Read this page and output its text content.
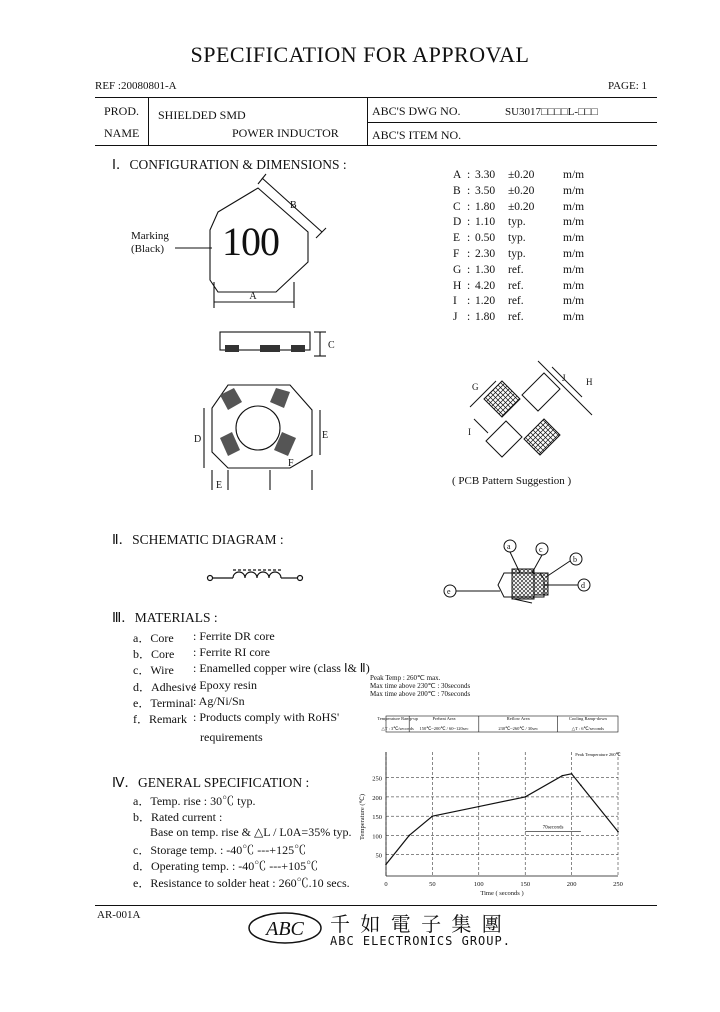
SPECIFICATION FOR APPROVAL
REF :20080801-A	PAGE: 1
PROD.
NAME
SHIELDED SMD
POWER INDUCTOR
ABC'S DWG NO.	SU3017□□□□L-□□□
ABC'S ITEM NO.
Ⅰ．CONFIGURATION & DIMENSIONS :
Marking
(Black)
A
B
C
D
E
F
E
100
A 3.30 ±0.20 m/m
:
B 3.50 ±0.20 m/m
:
C 1.80 ±0.20 m/m
:
D 1.10 typ.	m/m
:
E 0.50 typ.	m/m
:
F 2.30 typ.	m/m
:
G 1.30 ref.	m/m
:
H 4.20 ref.	m/m
:
I 1.20 ref.	m/m
:
J 1.80 ref.	m/m
:
G	H
J
I
( PCB Pattern Suggestion )
Ⅱ．SCHEMATIC DIAGRAM :	a	c
b
d
e
Ⅲ．MATERIALS :
a．Core : Ferrite DR core
b．Core : Ferrite RI core
c．Wire : Enamelled copper wire (class Ⅰ& Ⅱ)
d．Adhesive
: Epoxy resin
e．Terminal : Ag/Ni/Sn
f．Remark : Products comply with RoHS'
requirements
Ⅳ．GENERAL SPECIFICATION :
a．Temp. rise : 30℃ typ.
b．Rated current :
Base on temp. rise & △L / L0A=35% typ.
c．Storage temp. : -40℃ ---+125℃
d．Operating temp. : -40℃ ---+105℃
e．Resistance to solder heat : 260℃.10 secs.
Peak Temp : 260℃ max.
Max time above 230℃ : 30seconds
Max time above 200℃ : 70seconds
Temperature Ramp-up
△T : 3℃/seconds
Preheat Area
150℃~200℃ / 60~120sec
Reflow Area
230℃~260℃ / 30sec
Cooling Ramp-down
△T : 6℃/seconds
50
100
150
200
250
0	50	100	150	200	250
Peak Temperature 260℃
70seconds
Time ( seconds )
Temperature (℃)
AR-001A
ABC 千 如 電 子 集 團
ABC ELECTRONICS GROUP.
